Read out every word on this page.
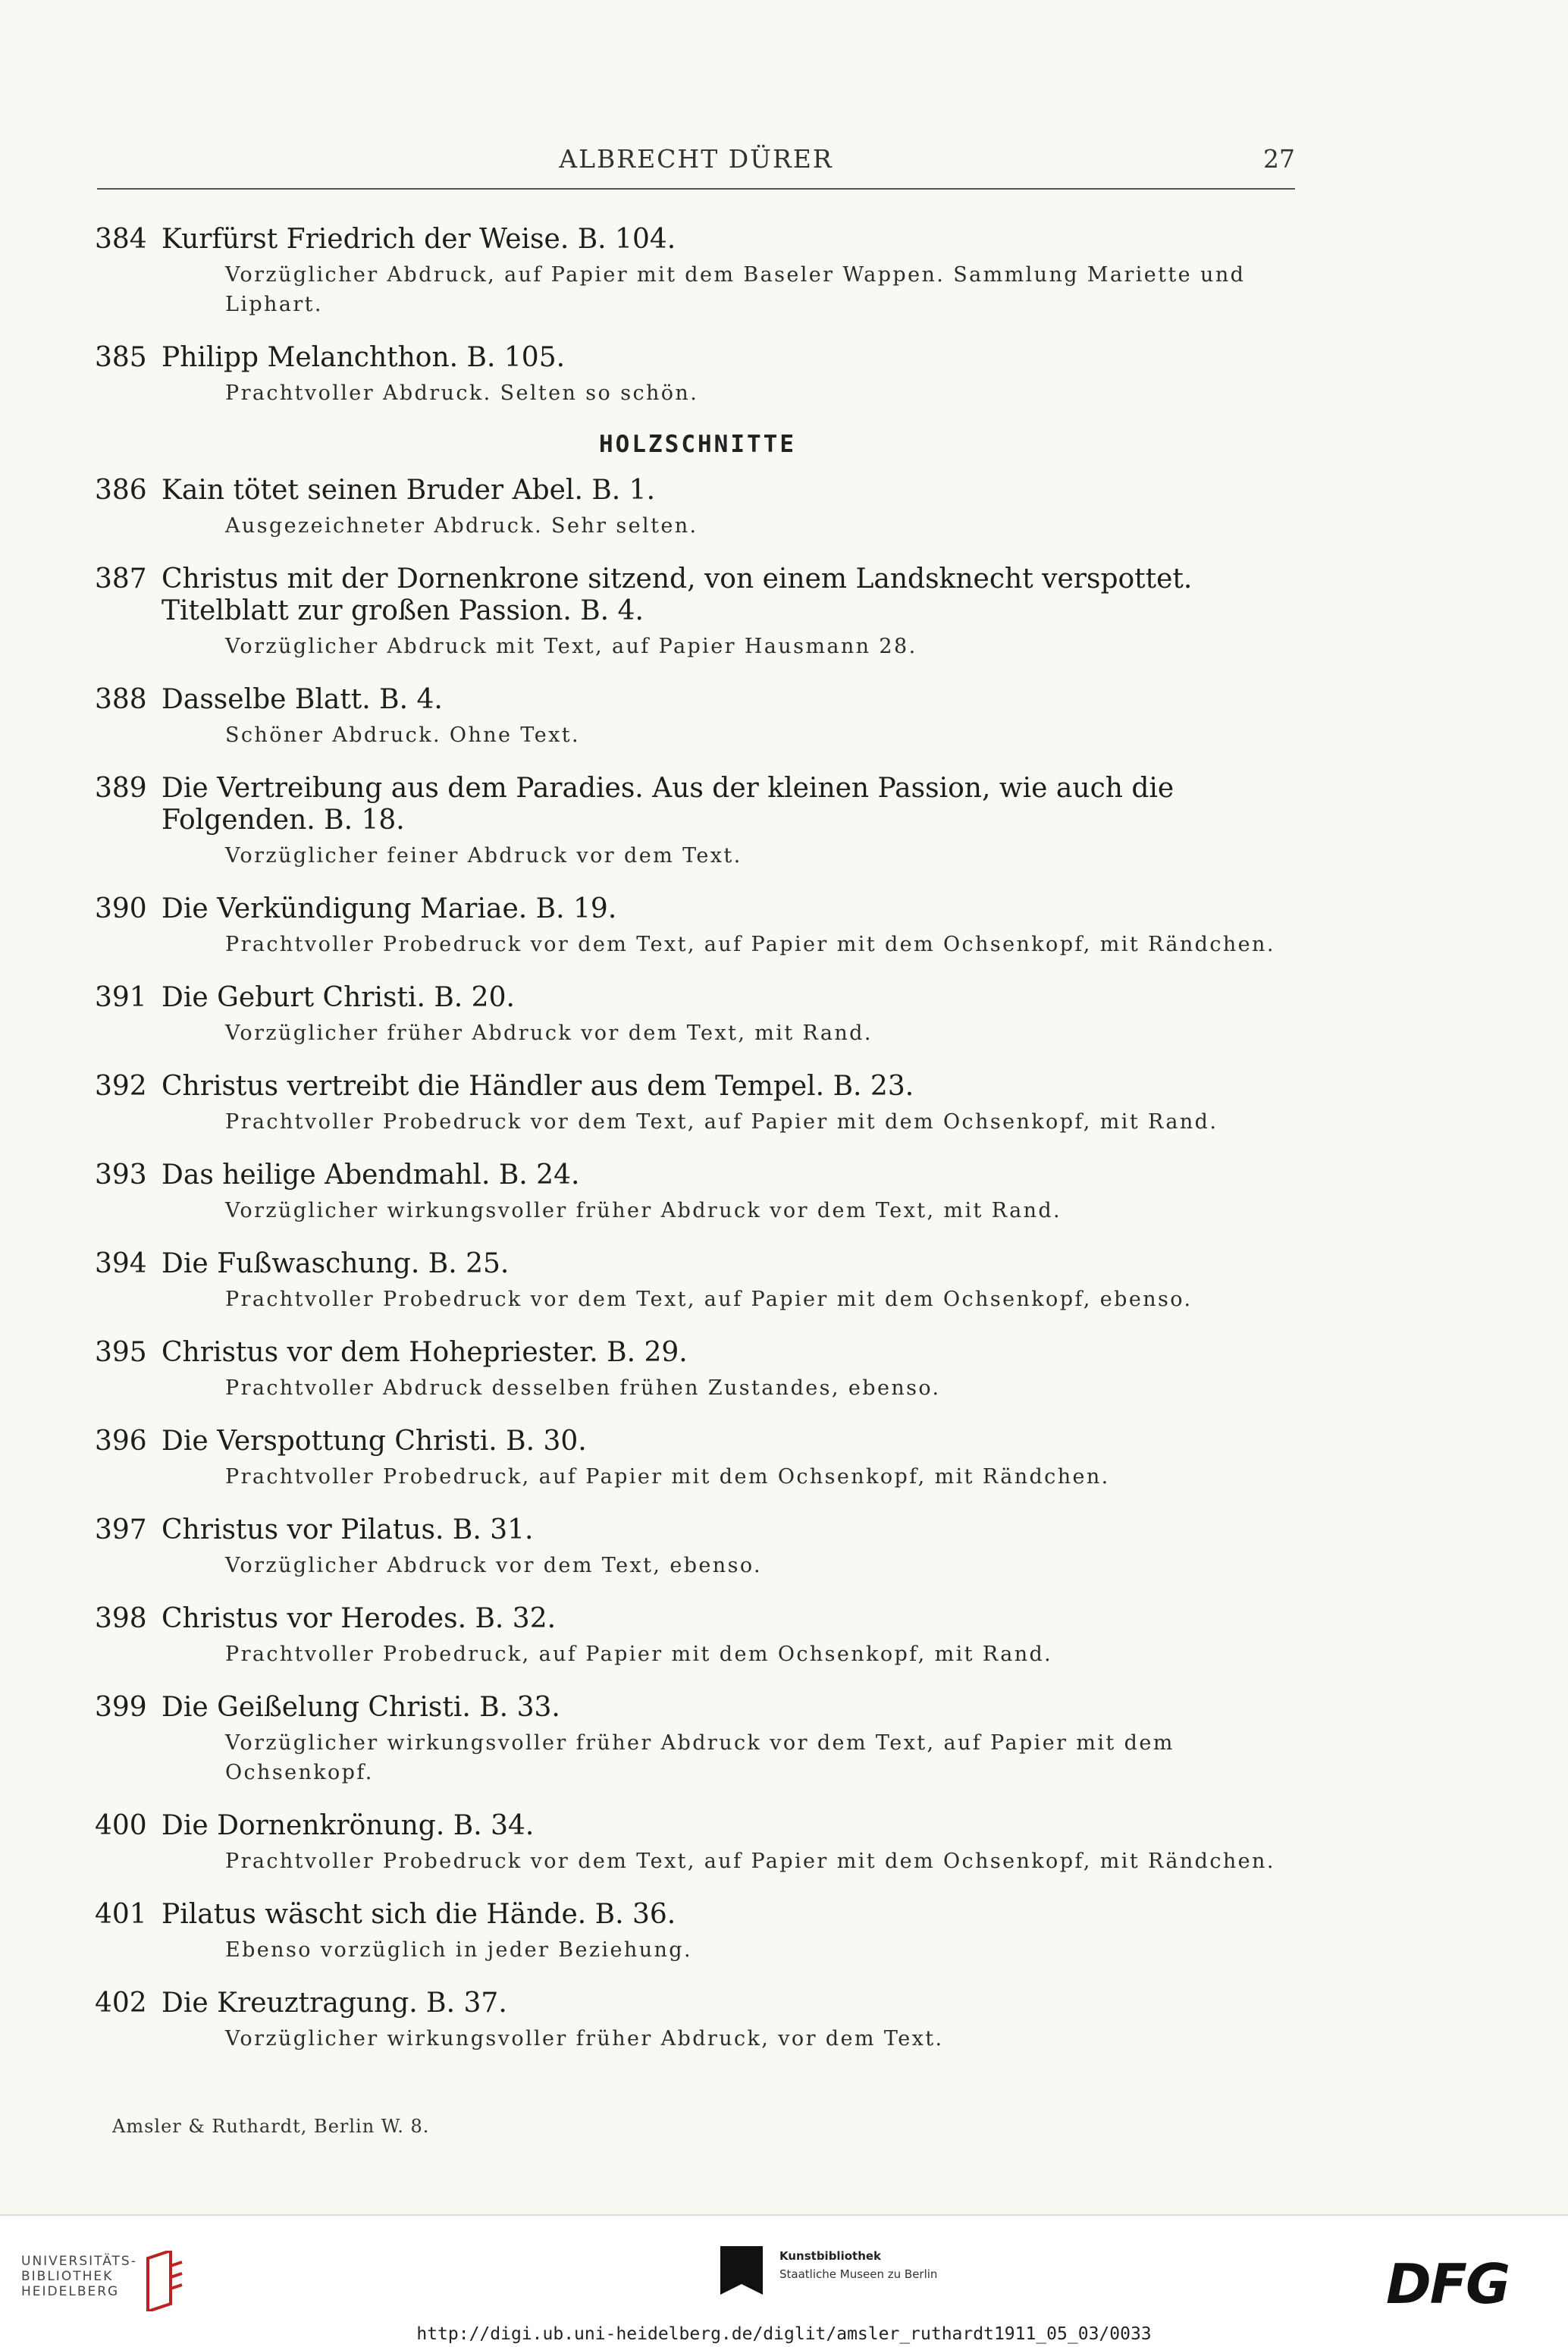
ALBRECHT DÜRER	27
384 Kurfürst Friedrich der Weise. B. 104.
Vorzüglicher Abdruck, auf Papier mit dem Baseler Wappen. Sammlung Mariette und Liphart.
385 Philipp Melanchthon. B. 105.
Prachtvoller Abdruck. Selten so schön.
HOLZSCHNITTE
386 Kain tötet seinen Bruder Abel. B. 1.
Ausgezeichneter Abdruck. Sehr selten.
387 Christus mit der Dornenkrone sitzend, von einem Landsknecht verspottet. Titelblatt zur großen Passion. B. 4.
Vorzüglicher Abdruck mit Text, auf Papier Hausmann 28.
388 Dasselbe Blatt. B. 4.
Schöner Abdruck. Ohne Text.
389 Die Vertreibung aus dem Paradies. Aus der kleinen Passion, wie auch die Folgenden. B. 18.
Vorzüglicher feiner Abdruck vor dem Text.
390 Die Verkündigung Mariae. B. 19.
Prachtvoller Probedruck vor dem Text, auf Papier mit dem Ochsenkopf, mit Rändchen.
391 Die Geburt Christi. B. 20.
Vorzüglicher früher Abdruck vor dem Text, mit Rand.
392 Christus vertreibt die Händler aus dem Tempel. B. 23.
Prachtvoller Probedruck vor dem Text, auf Papier mit dem Ochsenkopf, mit Rand.
393 Das heilige Abendmahl. B. 24.
Vorzüglicher wirkungsvoller früher Abdruck vor dem Text, mit Rand.
394 Die Fußwaschung. B. 25.
Prachtvoller Probedruck vor dem Text, auf Papier mit dem Ochsenkopf, ebenso.
395 Christus vor dem Hohepriester. B. 29.
Prachtvoller Abdruck desselben frühen Zustandes, ebenso.
396 Die Verspottung Christi. B. 30.
Prachtvoller Probedruck, auf Papier mit dem Ochsenkopf, mit Rändchen.
397 Christus vor Pilatus. B. 31.
Vorzüglicher Abdruck vor dem Text, ebenso.
398 Christus vor Herodes. B. 32.
Prachtvoller Probedruck, auf Papier mit dem Ochsenkopf, mit Rand.
399 Die Geißelung Christi. B. 33.
Vorzüglicher wirkungsvoller früher Abdruck vor dem Text, auf Papier mit dem Ochsenkopf.
400 Die Dornenkrönung. B. 34.
Prachtvoller Probedruck vor dem Text, auf Papier mit dem Ochsenkopf, mit Rändchen.
401 Pilatus wäscht sich die Hände. B. 36.
Ebenso vorzüglich in jeder Beziehung.
402 Die Kreuztragung. B. 37.
Vorzüglicher wirkungsvoller früher Abdruck, vor dem Text.
Amsler & Ruthardt, Berlin W. 8.
UNIVERSITÄTS-
BIBLIOTHEK
HEIDELBERG
Kunstbibliothek
Staatliche Museen zu Berlin	DFG
http://digi.ub.uni-heidelberg.de/diglit/amsler_ruthardt1911_05_03/0033
